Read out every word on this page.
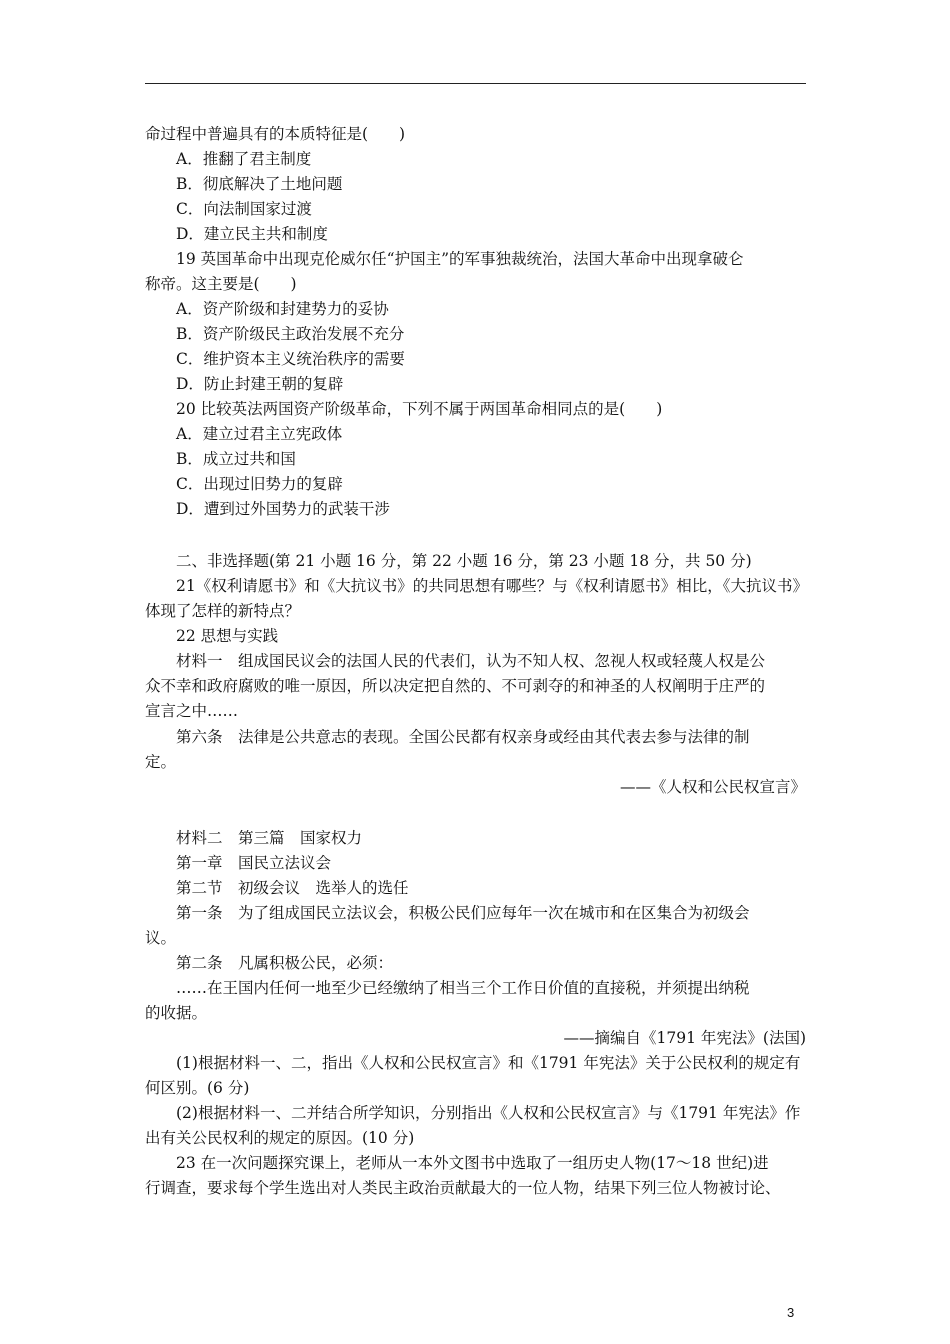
命过程中普遍具有的本质特征是(　　)
A．推翻了君主制度
B．彻底解决了土地问题
C．向法制国家过渡
D．建立民主共和制度
19 英国革命中出现克伦威尔任“护国主”的军事独裁统治，法国大革命中出现拿破仑
称帝。这主要是(　　)
A．资产阶级和封建势力的妥协
B．资产阶级民主政治发展不充分
C．维护资本主义统治秩序的需要
D．防止封建王朝的复辟
20 比较英法两国资产阶级革命，下列不属于两国革命相同点的是(　　)
A．建立过君主立宪政体
B．成立过共和国
C．出现过旧势力的复辟
D．遭到过外国势力的武装干涉
二、非选择题(第 21 小题 16 分，第 22 小题 16 分，第 23 小题 18 分，共 50 分)
21《权利请愿书》和《大抗议书》的共同思想有哪些？与《权利请愿书》相比，《大抗议书》
体现了怎样的新特点？
22 思想与实践
材料一　组成国民议会的法国人民的代表们，认为不知人权、忽视人权或轻蔑人权是公
众不幸和政府腐败的唯一原因，所以决定把自然的、不可剥夺的和神圣的人权阐明于庄严的
宣言之中……
第六条　法律是公共意志的表现。全国公民都有权亲身或经由其代表去参与法律的制
定。
——《人权和公民权宣言》
材料二　第三篇　国家权力
第一章　国民立法议会
第二节　初级会议　选举人的选任
第一条　为了组成国民立法议会，积极公民们应每年一次在城市和在区集合为初级会
议。
第二条　凡属积极公民，必须：
……在王国内任何一地至少已经缴纳了相当三个工作日价值的直接税，并须提出纳税
的收据。
——摘编自《1791 年宪法》(法国)
(1)根据材料一、二，指出《人权和公民权宣言》和《1791 年宪法》关于公民权利的规定有
何区别。(6 分)
(2)根据材料一、二并结合所学知识，分别指出《人权和公民权宣言》与《1791 年宪法》作
出有关公民权利的规定的原因。(10 分)
23 在一次问题探究课上，老师从一本外文图书中选取了一组历史人物(17～18 世纪)进
行调查，要求每个学生选出对人类民主政治贡献最大的一位人物，结果下列三位人物被讨论、
3
